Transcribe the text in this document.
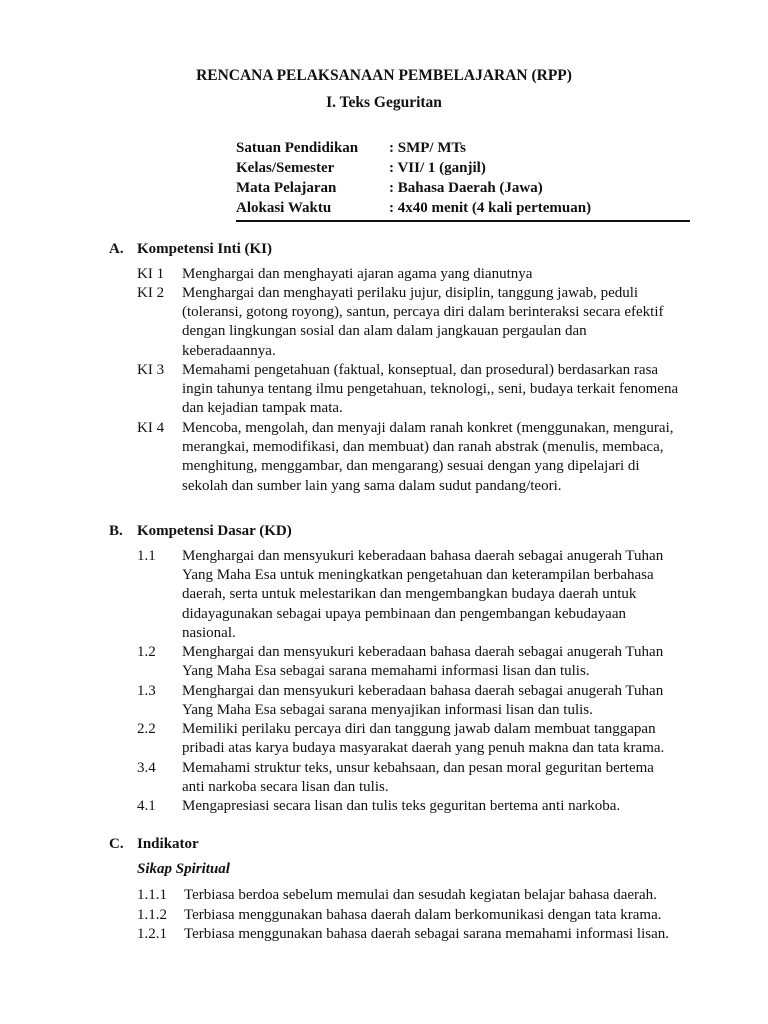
RENCANA PELAKSANAAN PEMBELAJARAN (RPP)
I. Teks Geguritan
Satuan Pendidikan	: SMP/ MTs
Kelas/Semester	: VII/ 1 (ganjil)
Mata Pelajaran	: Bahasa Daerah (Jawa)
Alokasi Waktu	: 4x40 menit (4 kali pertemuan)
A. Kompetensi Inti (KI)
KI 1 Menghargai dan menghayati ajaran agama yang dianutnya
KI 2 Menghargai dan menghayati perilaku jujur, disiplin, tanggung jawab, peduli
(toleransi, gotong royong), santun, percaya diri dalam berinteraksi secara efektif
dengan lingkungan sosial dan alam dalam jangkauan pergaulan dan
keberadaannya.
KI 3 Memahami pengetahuan (faktual, konseptual, dan prosedural) berdasarkan rasa
ingin tahunya tentang ilmu pengetahuan, teknologi,, seni, budaya terkait fenomena
dan kejadian tampak mata.
KI 4 Mencoba, mengolah, dan menyaji dalam ranah konkret (menggunakan, mengurai,
merangkai, memodifikasi, dan membuat) dan ranah abstrak (menulis, membaca,
menghitung, menggambar, dan mengarang) sesuai dengan yang dipelajari di
sekolah dan sumber lain yang sama dalam sudut pandang/teori.
B. Kompetensi Dasar (KD)
1.1 Menghargai dan mensyukuri keberadaan bahasa daerah sebagai anugerah Tuhan
Yang Maha Esa untuk meningkatkan pengetahuan dan keterampilan berbahasa
daerah, serta untuk melestarikan dan mengembangkan budaya daerah untuk
didayagunakan sebagai upaya pembinaan dan pengembangan kebudayaan
nasional.
1.2 Menghargai dan mensyukuri keberadaan bahasa daerah sebagai anugerah Tuhan
Yang Maha Esa sebagai sarana memahami informasi lisan dan tulis.
1.3 Menghargai dan mensyukuri keberadaan bahasa daerah sebagai anugerah Tuhan
Yang Maha Esa sebagai sarana menyajikan informasi lisan dan tulis.
2.2 Memiliki perilaku percaya diri dan tanggung jawab dalam membuat tanggapan
pribadi atas karya budaya masyarakat daerah yang penuh makna dan tata krama.
3.4 Memahami struktur teks, unsur kebahsaan, dan pesan moral geguritan bertema
anti narkoba secara lisan dan tulis.
4.1 Mengapresiasi secara lisan dan tulis teks geguritan bertema anti narkoba.
C. Indikator
Sikap Spiritual
1.1.1 Terbiasa berdoa sebelum memulai dan sesudah kegiatan belajar bahasa daerah.
1.1.2 Terbiasa menggunakan bahasa daerah dalam berkomunikasi dengan tata krama.
1.2.1 Terbiasa menggunakan bahasa daerah sebagai sarana memahami informasi lisan.
